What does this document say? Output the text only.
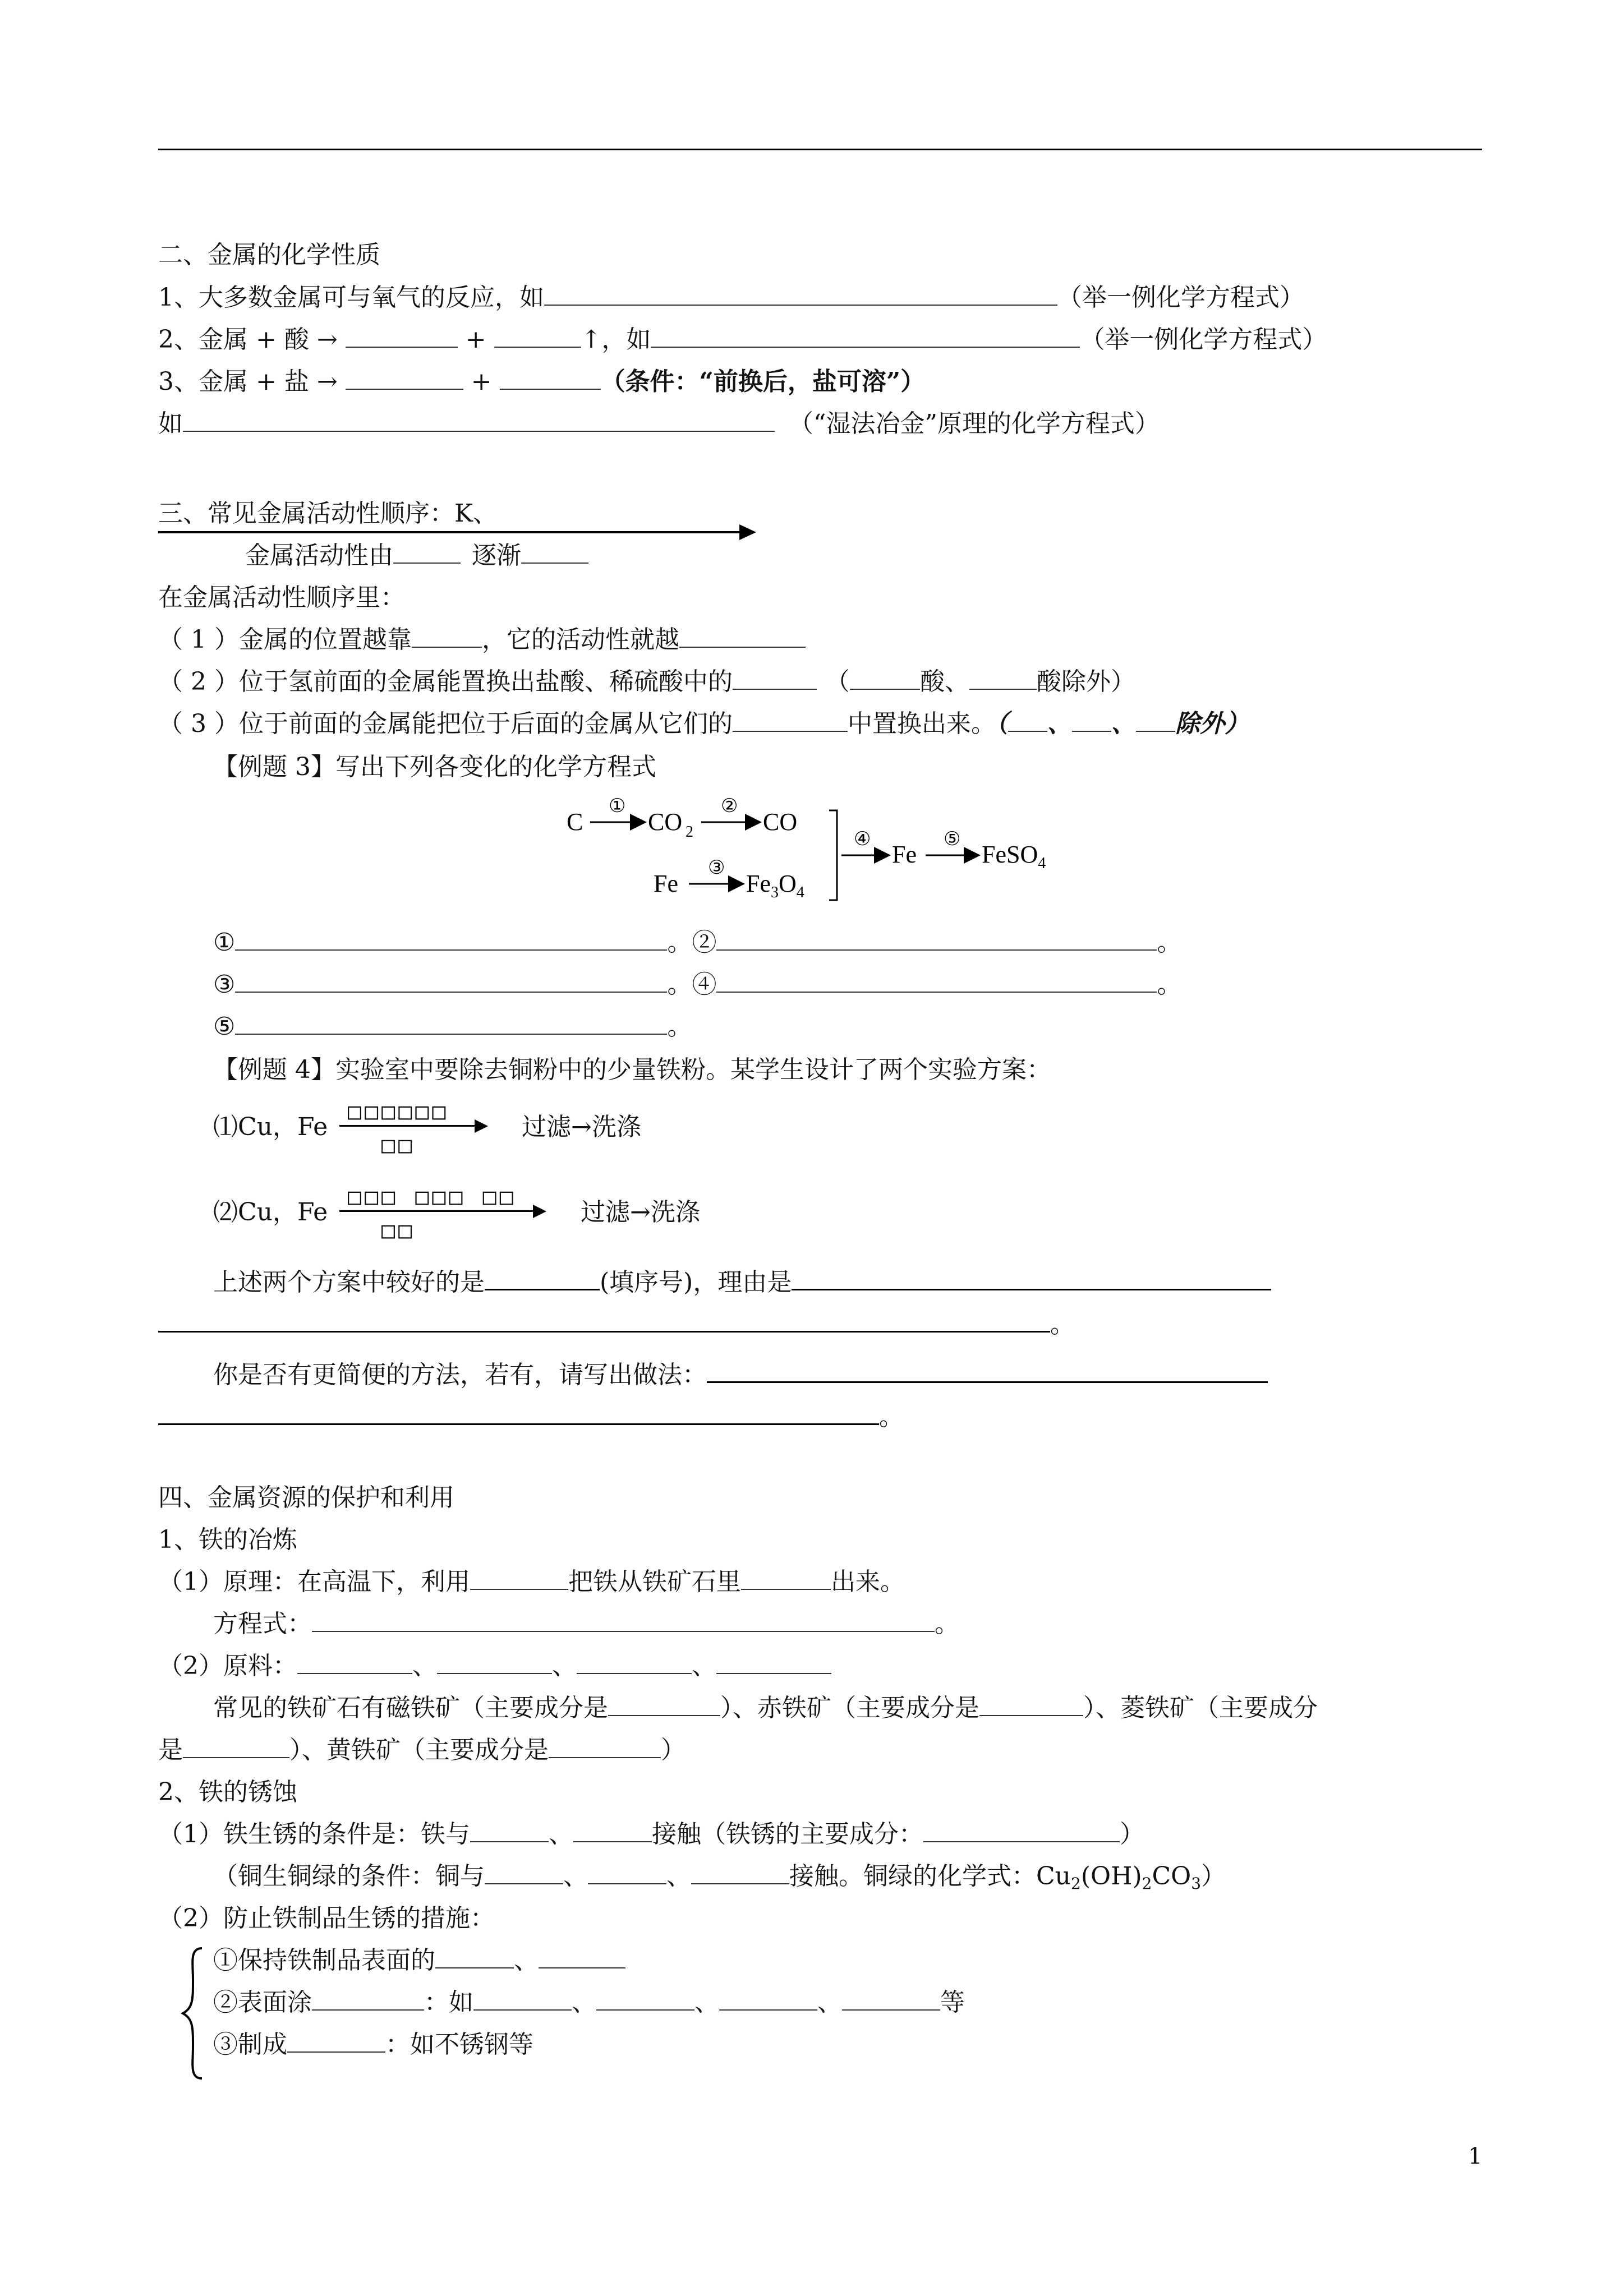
二、金属的化学性质
1、大多数金属可与氧气的反应，如	（举一例化学方程式）
2、金属 + 酸 →	+	↑，如	（举一例化学方程式）
3、金属 + 盐 →	+	（条件：“前换后，盐可溶”）
如	（“湿法冶金”原理的化学方程式）
三、常见金属活动性顺序：K、
金属活动性由	逐渐
在金属活动性顺序里：
（ 1 ）金属的位置越靠	，它的活动性就越
（ 2 ）位于氢前面的金属能置换出盐酸、稀硫酸中的	（	酸、	酸除外）
（ 3 ）位于前面的金属能把位于后面的金属从它们的	中置换出来。（ 、 、 除外）
【例题 3】写出下列各变化的化学方程式
C
①
CO 2
②
CO
Fe
③
$Fe_3O_4$
④
Fe
⑤
FeSO$_4$
①	。②	。
③	。④	。
⑤	。
【例题 4】实验室中要除去铜粉中的少量铁粉。某学生设计了两个实验方案：
⑴Cu，Fe
□□□□□□
□□
过滤→洗涤
⑵Cu，Fe
□□□ □□□ □□
□□
过滤→洗涤
上述两个方案中较好的是	(填序号)，理由是
。
你是否有更简便的方法，若有，请写出做法：
。
四、金属资源的保护和利用
1、铁的冶炼
（1）原理：在高温下，利用	把铁从铁矿石里	出来。
方程式：	。
（2）原料：	、	、	、
常见的铁矿石有磁铁矿（主要成分是	）、赤铁矿（主要成分是	）、菱铁矿（主要成分
是	）、黄铁矿（主要成分是	）
2、铁的锈蚀
（1）铁生锈的条件是：铁与	、	接触（铁锈的主要成分：	）
（铜生铜绿的条件：铜与	、	、	接触。铜绿的化学式：$Cu_2(OH)_2CO_3$）
（2）防止铁制品生锈的措施：
①保持铁制品表面的	、
②表面涂	：如	、	、	、	等
③制成	：如不锈钢等
1
